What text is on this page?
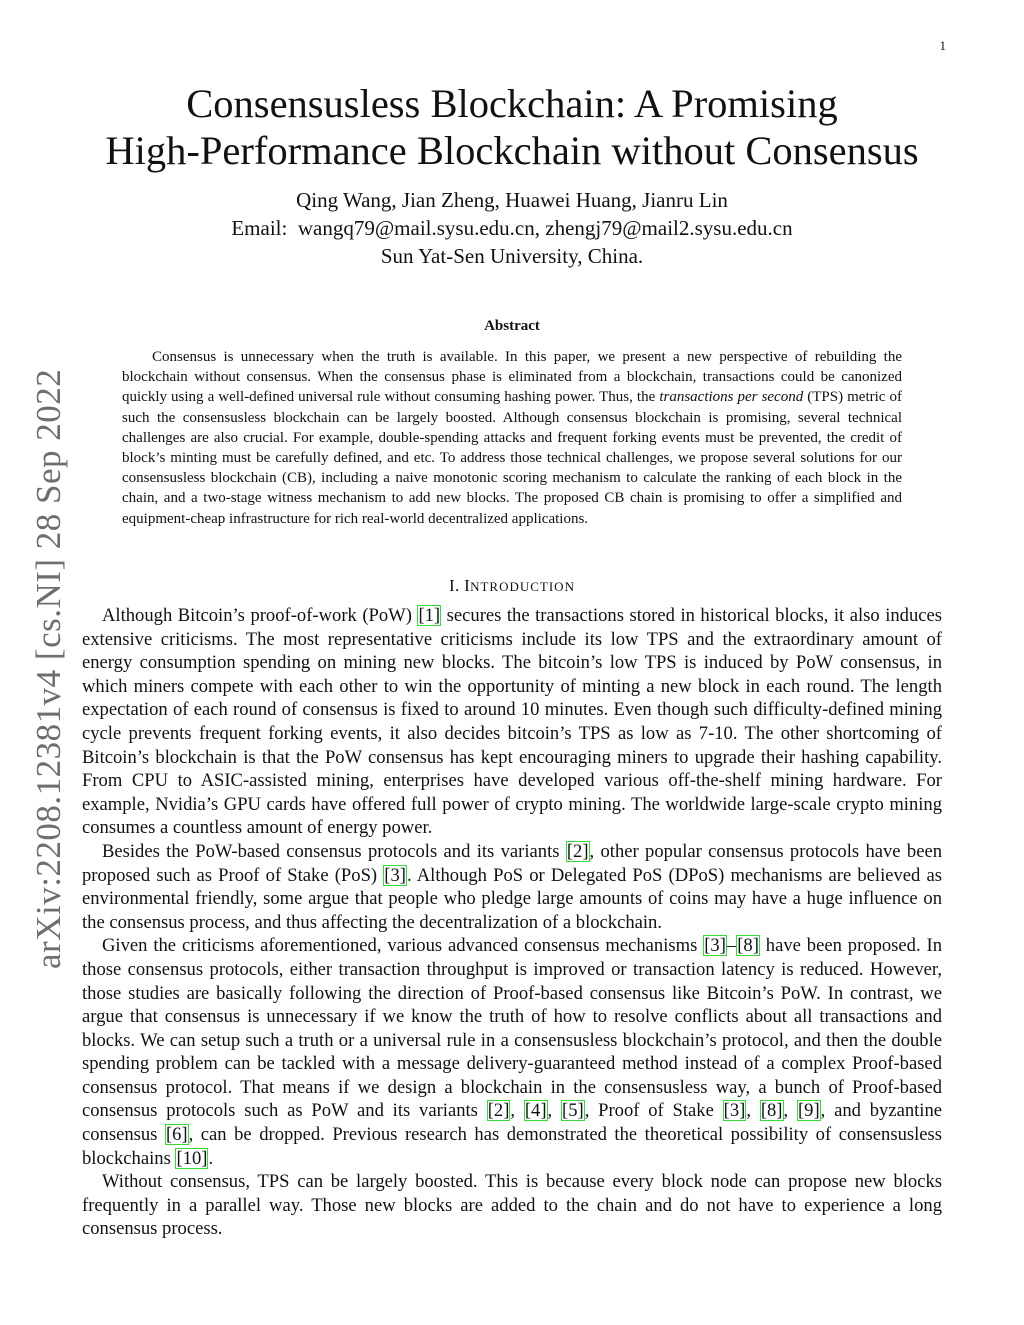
1
arXiv:2208.12381v4 [cs.NI] 28 Sep 2022
Consensusless Blockchain: A Promising
High-Performance Blockchain without Consensus
Qing Wang, Jian Zheng, Huawei Huang, Jianru Lin
Email: wangq79@mail.sysu.edu.cn, zhengj79@mail2.sysu.edu.cn
Sun Yat-Sen University, China.
Abstract
Consensus is unnecessary when the truth is available. In this paper, we present a new perspective of rebuilding the blockchain without consensus. When the consensus phase is eliminated from a blockchain, transactions could be canonized quickly using a well-defined universal rule without consuming hashing power. Thus, the transactions per second (TPS) metric of such the consensusless blockchain can be largely boosted. Although consensus blockchain is promising, several technical challenges are also crucial. For example, double-spending attacks and frequent forking events must be prevented, the credit of block’s minting must be carefully defined, and etc. To address those technical challenges, we propose several solutions for our consensusless blockchain (CB), including a naive monotonic scoring mechanism to calculate the ranking of each block in the chain, and a two-stage witness mechanism to add new blocks. The proposed CB chain is promising to offer a simplified and equipment-cheap infrastructure for rich real-world decentralized applications.
I. INTRODUCTION

Although Bitcoin’s proof-of-work (PoW) [1] secures the transactions stored in historical blocks, it also induces extensive criticisms. The most representative criticisms include its low TPS and the extraordinary amount of energy consumption spending on mining new blocks. The bitcoin’s low TPS is induced by PoW consensus, in which miners compete with each other to win the opportunity of minting a new block in each round. The length expectation of each round of consensus is fixed to around 10 minutes. Even though such difficulty-defined mining cycle prevents frequent forking events, it also decides bitcoin’s TPS as low as 7-10. The other shortcoming of Bitcoin’s blockchain is that the PoW consensus has kept encouraging miners to upgrade their hashing capability. From CPU to ASIC-assisted mining, enterprises have developed various off-the-shelf mining hardware. For example, Nvidia’s GPU cards have offered full power of crypto mining. The worldwide large-scale crypto mining consumes a countless amount of energy power.

Besides the PoW-based consensus protocols and its variants [2], other popular consensus protocols have been proposed such as Proof of Stake (PoS) [3]. Although PoS or Delegated PoS (DPoS) mechanisms are believed as environmental friendly, some argue that people who pledge large amounts of coins may have a huge influence on the consensus process, and thus affecting the decentralization of a blockchain.

Given the criticisms aforementioned, various advanced consensus mechanisms [3]–[8] have been proposed. In those consensus protocols, either transaction throughput is improved or transaction latency is reduced. However, those studies are basically following the direction of Proof-based consensus like Bitcoin’s PoW. In contrast, we argue that consensus is unnecessary if we know the truth of how to resolve conflicts about all transactions and blocks. We can setup such a truth or a universal rule in a consensusless blockchain’s protocol, and then the double spending problem can be tackled with a message delivery-guaranteed method instead of a complex Proof-based consensus protocol. That means if we design a blockchain in the consensusless way, a bunch of Proof-based consensus protocols such as PoW and its variants [2], [4], [5], Proof of Stake [3], [8], [9], and byzantine consensus [6], can be dropped. Previous research has demonstrated the theoretical possibility of consensusless blockchains [10].

Without consensus, TPS can be largely boosted. This is because every block node can propose new blocks frequently in a parallel way. Those new blocks are added to the chain and do not have to experience a long consensus process.
